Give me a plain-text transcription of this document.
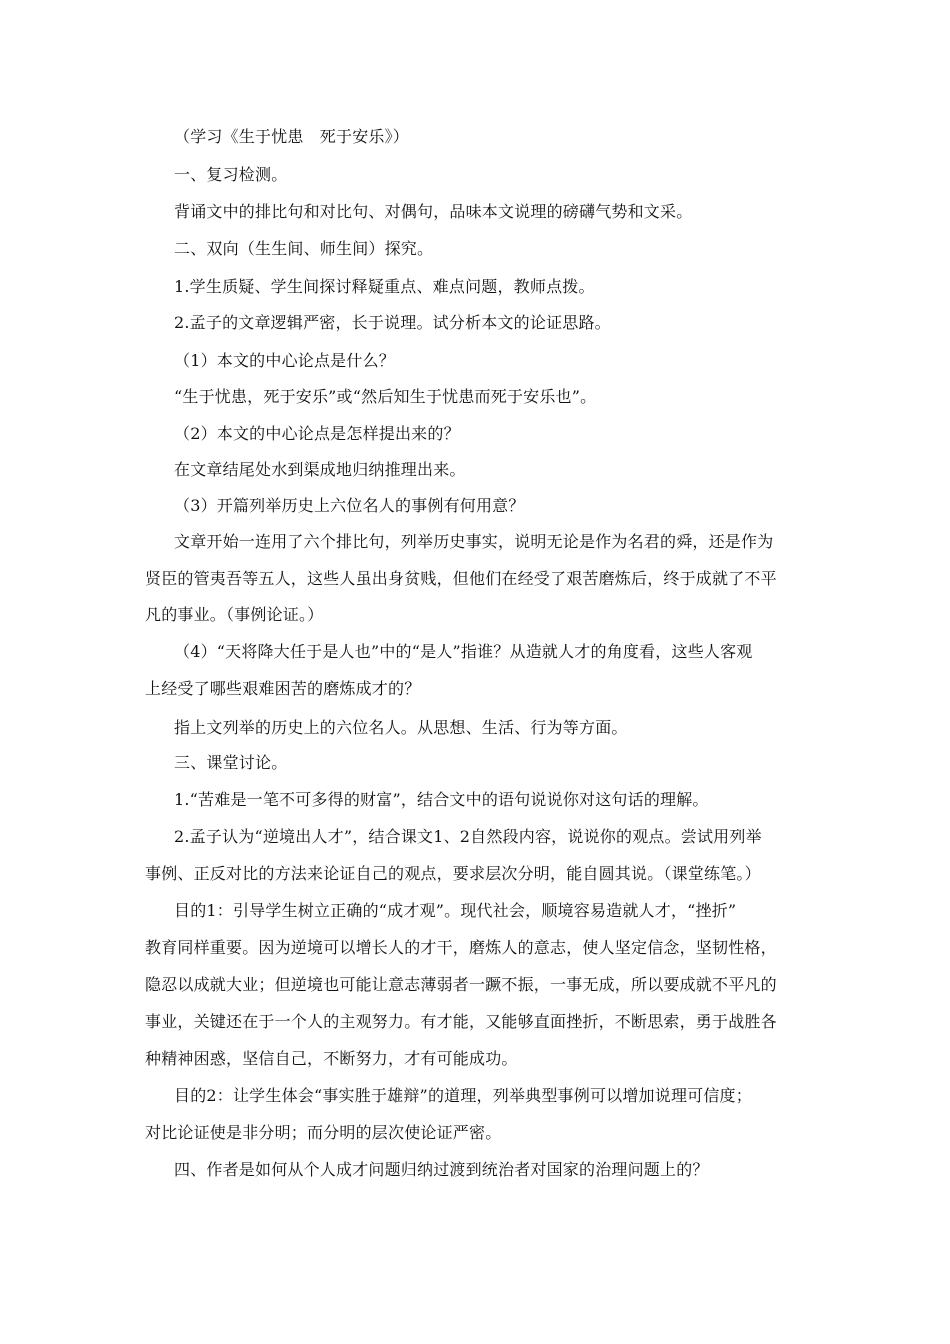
（学习《生于忧患　死于安乐》）
一、复习检测。
背诵文中的排比句和对比句、对偶句，品味本文说理的磅礴气势和文采。
二、双向（生生间、师生间）探究。
1.学生质疑、学生间探讨释疑重点、难点问题，教师点拨。
2.孟子的文章逻辑严密，长于说理。试分析本文的论证思路。
（1）本文的中心论点是什么？
“生于忧患，死于安乐”或“然后知生于忧患而死于安乐也”。
（2）本文的中心论点是怎样提出来的？
在文章结尾处水到渠成地归纳推理出来。
（3）开篇列举历史上六位名人的事例有何用意？
文章开始一连用了六个排比句，列举历史事实，说明无论是作为名君的舜，还是作为
贤臣的管夷吾等五人，这些人虽出身贫贱，但他们在经受了艰苦磨炼后，终于成就了不平
凡的事业。（事例论证。）
（4）“天将降大任于是人也”中的“是人”指谁？从造就人才的角度看，这些人客观
上经受了哪些艰难困苦的磨炼成才的？
指上文列举的历史上的六位名人。从思想、生活、行为等方面。
三、课堂讨论。
1.“苦难是一笔不可多得的财富”，结合文中的语句说说你对这句话的理解。
2.孟子认为“逆境出人才”，结合课文1、2自然段内容，说说你的观点。尝试用列举
事例、正反对比的方法来论证自己的观点，要求层次分明，能自圆其说。（课堂练笔。）
目的1：引导学生树立正确的“成才观”。现代社会，顺境容易造就人才，“挫折”
教育同样重要。因为逆境可以增长人的才干，磨炼人的意志，使人坚定信念，坚韧性格，
隐忍以成就大业；但逆境也可能让意志薄弱者一蹶不振，一事无成，所以要成就不平凡的
事业，关键还在于一个人的主观努力。有才能，又能够直面挫折，不断思索，勇于战胜各
种精神困惑，坚信自己，不断努力，才有可能成功。
目的2：让学生体会“事实胜于雄辩”的道理，列举典型事例可以增加说理可信度；
对比论证使是非分明；而分明的层次使论证严密。
四、作者是如何从个人成才问题归纳过渡到统治者对国家的治理问题上的？
